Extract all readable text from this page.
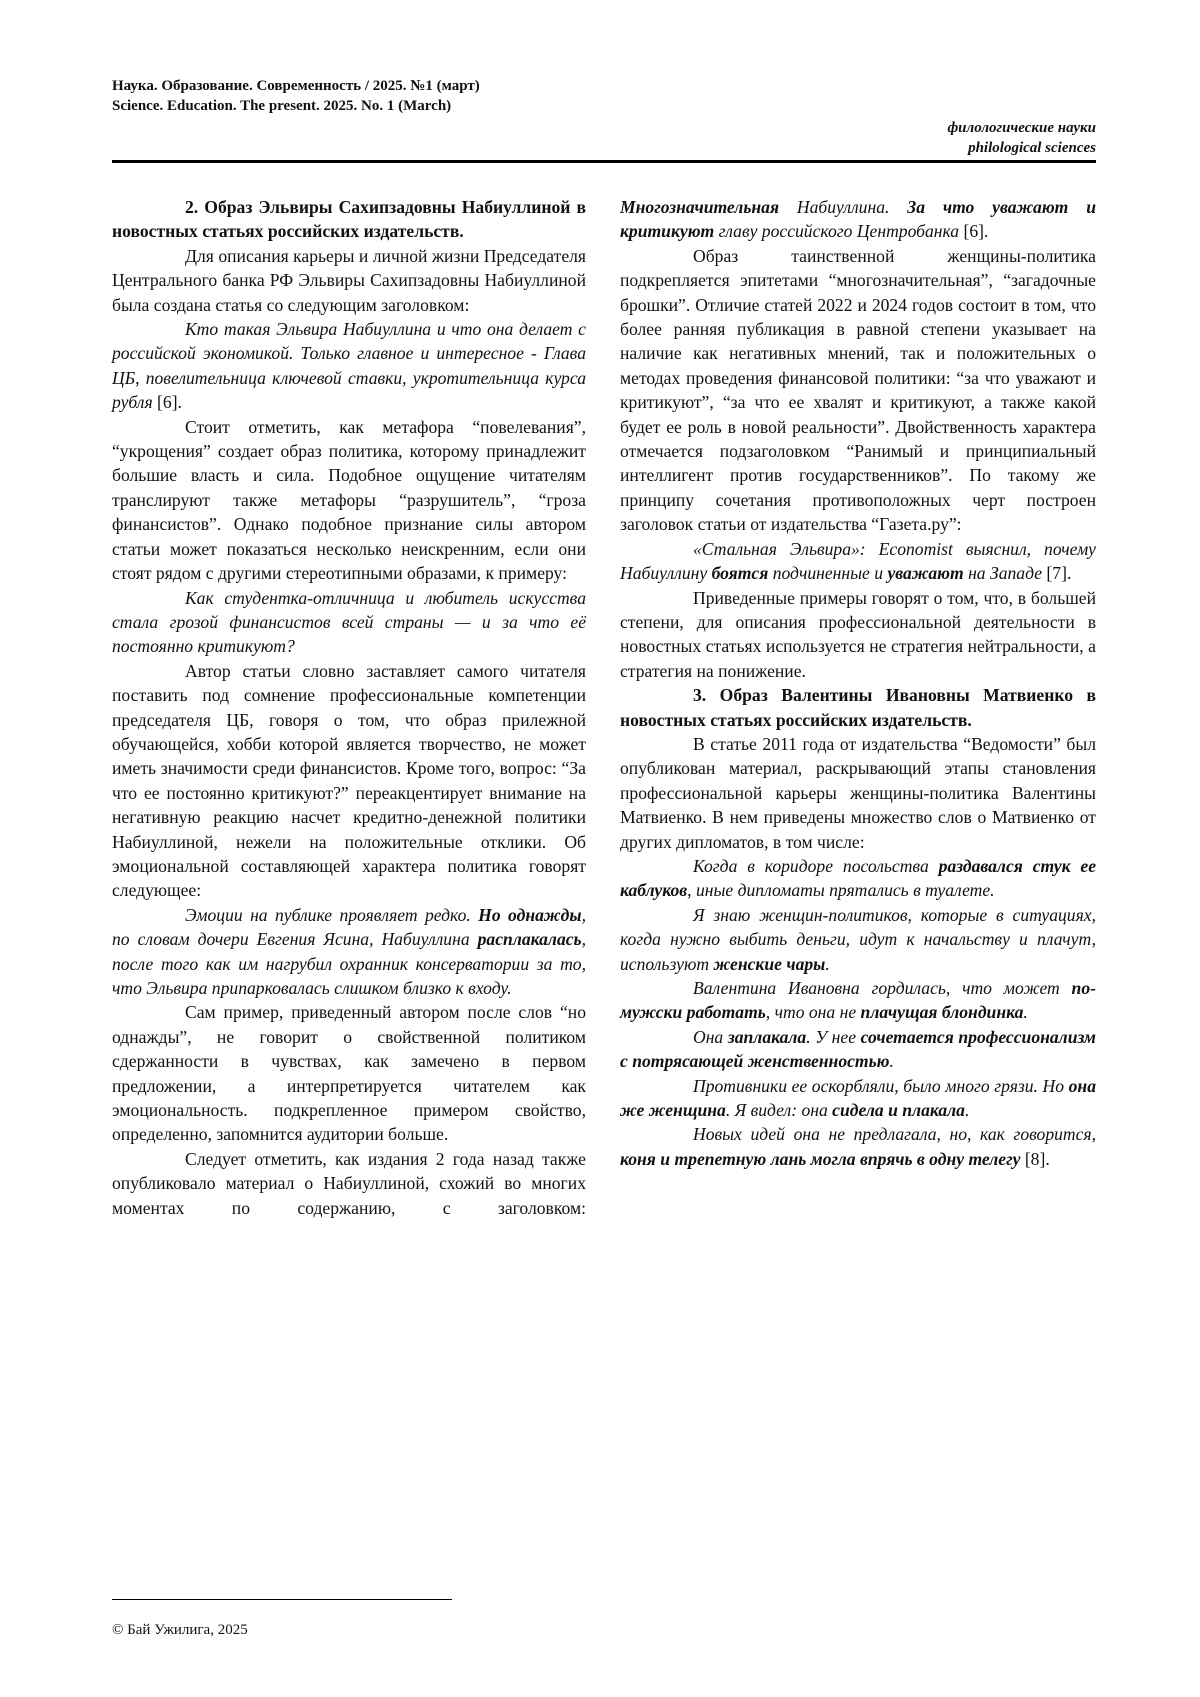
Наука. Образование. Современность / 2025. №1 (март)
Science. Education. The present. 2025. No. 1 (March)
филологические науки
philological sciences

2. Образ Эльвиры Сахипзадовны Набиуллиной в новостных статьях российских издательств.

Для описания карьеры и личной жизни Председателя Центрального банка РФ Эльвиры Сахипзадовны Набиуллиной была создана статья со следующим заголовком:

Кто такая Эльвира Набиуллина и что она делает с российской экономикой. Только главное и интересное - Глава ЦБ, повелительница ключевой ставки, укротительница курса рубля [6].

Стоит отметить, как метафора “повелевания”, “укрощения” создает образ политика, которому принадлежит большие власть и сила. Подобное ощущение читателям транслируют также метафоры “разрушитель”, “гроза финансистов”. Однако подобное признание силы автором статьи может показаться несколько неискренним, если они стоят рядом с другими стереотипными образами, к примеру:

Как студентка-отличница и любитель искусства стала грозой финансистов всей страны — и за что её постоянно критикуют?

Автор статьи словно заставляет самого читателя поставить под сомнение профессиональные компетенции председателя ЦБ, говоря о том, что образ прилежной обучающейся, хобби которой является творчество, не может иметь значимости среди финансистов. Кроме того, вопрос: “За что ее постоянно критикуют?” переакцентирует внимание на негативную реакцию насчет кредитно-денежной политики Набиуллиной, нежели на положительные отклики. Об эмоциональной составляющей характера политика говорят следующее:

Эмоции на публике проявляет редко. Но однажды, по словам дочери Евгения Ясина, Набиуллина расплакалась, после того как им нагрубил охранник консерватории за то, что Эльвира припарковалась слишком близко к входу.

Сам пример, приведенный автором после слов “но однажды”, не говорит о свойственной политиком сдержанности в чувствах, как замечено в первом предложении, а интерпретируется читателем как эмоциональность. подкрепленное примером свойство, определенно, запомнится аудитории больше.

Следует отметить, как издания 2 года назад также опубликовало материал о Набиуллиной, схожий во многих моментах по содержанию, с заголовком:

Многозначительная Набиуллина. За что уважают и критикуют главу российского Центробанка [6].

Образ таинственной женщины-политика подкрепляется эпитетами “многозначительная”, “загадочные брошки”. Отличие статей 2022 и 2024 годов состоит в том, что более ранняя публикация в равной степени указывает на наличие как негативных мнений, так и положительных о методах проведения финансовой политики: “за что уважают и критикуют”, “за что ее хвалят и критикуют, а также какой будет ее роль в новой реальности”. Двойственность характера отмечается подзаголовком “Ранимый и принципиальный интеллигент против государственников”. По такому же принципу сочетания противоположных черт построен заголовок статьи от издательства “Газета.ру”:

«Стальная Эльвира»: Economist выяснил, почему Набиуллину боятся подчиненные и уважают на Западе [7].

Приведенные примеры говорят о том, что, в большей степени, для описания профессиональной деятельности в новостных статьях используется не стратегия нейтральности, а стратегия на понижение.

3. Образ Валентины Ивановны Матвиенко в новостных статьях российских издательств.

В статье 2011 года от издательства “Ведомости” был опубликован материал, раскрывающий этапы становления профессиональной карьеры женщины-политика Валентины Матвиенко. В нем приведены множество слов о Матвиенко от других дипломатов, в том числе:

Когда в коридоре посольства раздавался стук ее каблуков, иные дипломаты прятались в туалете.

Я знаю женщин-политиков, которые в ситуациях, когда нужно выбить деньги, идут к начальству и плачут, используют женские чары.

Валентина Ивановна гордилась, что может по-мужски работать, что она не плачущая блондинка.

Она заплакала. У нее сочетается профессионализм с потрясающей женственностью.

Противники ее оскорбляли, было много грязи. Но она же женщина. Я видел: она сидела и плакала.

Новых идей она не предлагала, но, как говорится, коня и трепетную лань могла впрячь в одну телегу [8].

© Бай Ужилига, 2025
